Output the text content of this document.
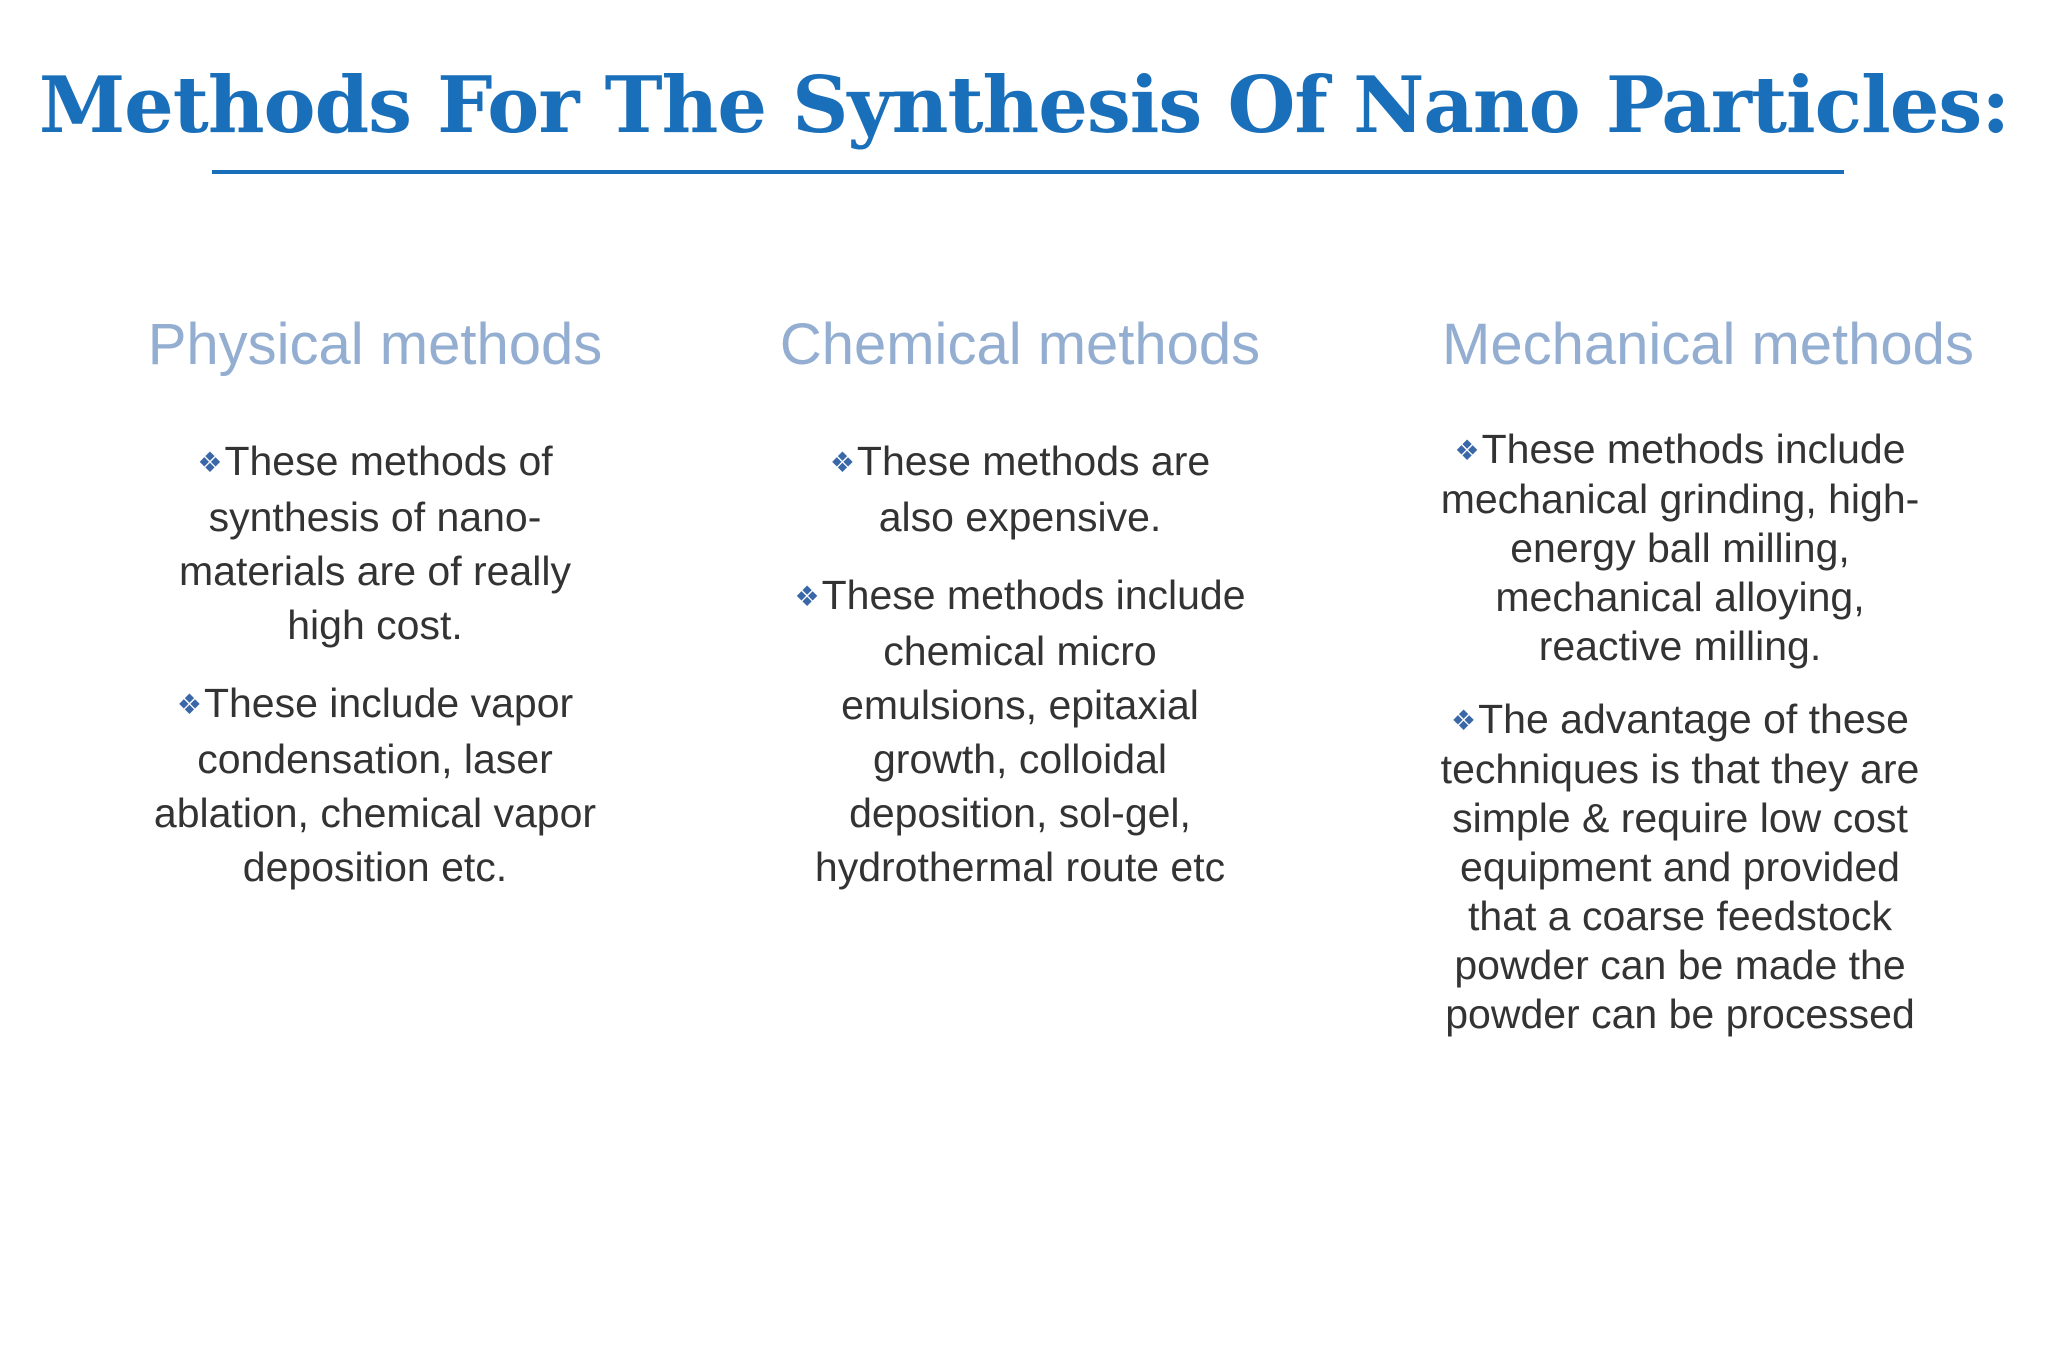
Methods For The Synthesis Of Nano Particles:
Physical methods
❖These methods of synthesis of nano-materials are of really high cost.
❖These include vapor condensation, laser ablation, chemical vapor deposition etc.
Chemical methods
❖These methods are also expensive.
❖These methods include chemical micro emulsions, epitaxial growth, colloidal deposition, sol-gel, hydrothermal route etc
Mechanical methods
❖These methods include mechanical grinding, high-energy ball milling, mechanical alloying, reactive milling.
❖The advantage of these techniques is that they are simple & require low cost equipment and provided that a coarse feedstock powder can be made the powder can be processed
